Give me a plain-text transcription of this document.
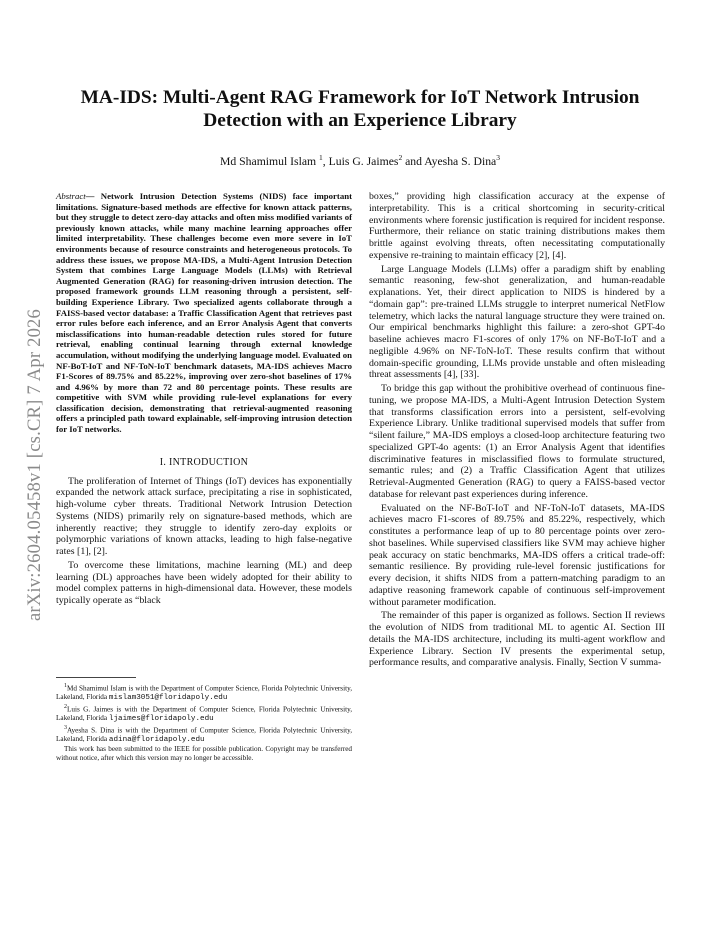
arXiv:2604.05458v1 [cs.CR] 7 Apr 2026
MA-IDS: Multi-Agent RAG Framework for IoT Network Intrusion Detection with an Experience Library
Md Shamimul Islam $^1$, Luis G. Jaimes$^2$ and Ayesha S. Dina$^3$

Abstract— Network Intrusion Detection Systems (NIDS) face important limitations. Signature-based methods are effective for known attack patterns, but they struggle to detect zero-day attacks and often miss modified variants of previously known attacks, while many machine learning approaches offer limited interpretability. These challenges become even more severe in IoT environments because of resource constraints and heterogeneous protocols. To address these issues, we propose MA-IDS, a Multi-Agent Intrusion Detection System that combines Large Language Models (LLMs) with Retrieval Augmented Generation (RAG) for reasoning-driven intrusion detection. The proposed framework grounds LLM reasoning through a persistent, self-building Experience Library. Two specialized agents collaborate through a FAISS-based vector database: a Traffic Classification Agent that retrieves past error rules before each inference, and an Error Analysis Agent that converts misclassifications into human-readable detection rules stored for future retrieval, enabling continual learning through external knowledge accumulation, without modifying the underlying language model. Evaluated on NF-BoT-IoT and NF-ToN-IoT benchmark datasets, MA-IDS achieves Macro F1-Scores of 89.75% and 85.22%, improving over zero-shot baselines of 17% and 4.96% by more than 72 and 80 percentage points. These results are competitive with SVM while providing rule-level explanations for every classification decision, demonstrating that retrieval-augmented reasoning offers a principled path toward explainable, self-improving intrusion detection for IoT networks.

I. INTRODUCTION

The proliferation of Internet of Things (IoT) devices has exponentially expanded the network attack surface, precipitating a rise in sophisticated, high-volume cyber threats. Traditional Network Intrusion Detection Systems (NIDS) primarily rely on signature-based methods, which are inherently reactive; they struggle to identify zero-day exploits or polymorphic variations of known attacks, leading to high false-negative rates [1], [2].

To overcome these limitations, machine learning (ML) and deep learning (DL) approaches have been widely adopted for their ability to model complex patterns in high-dimensional data. However, these models typically operate as “black

$^1$Md Shamimul Islam is with the Department of Computer Science, Florida Polytechnic University, Lakeland, Florida mislam3051@floridapoly.edu

$^2$Luis G. Jaimes is with the Department of Computer Science, Florida Polytechnic University, Lakeland, Florida ljaimes@floridapoly.edu

$^3$Ayesha S. Dina is with the Department of Computer Science, Florida Polytechnic University, Lakeland, Florida adina@floridapoly.edu

This work has been submitted to the IEEE for possible publication. Copyright may be transferred without notice, after which this version may no longer be accessible.

boxes,” providing high classification accuracy at the expense of interpretability. This is a critical shortcoming in security-critical environments where forensic justification is required for incident response. Furthermore, their reliance on static training distributions makes them brittle against evolving threats, often necessitating computationally expensive re-training to maintain efficacy [2], [4].

Large Language Models (LLMs) offer a paradigm shift by enabling semantic reasoning, few-shot generalization, and human-readable explanations. Yet, their direct application to NIDS is hindered by a “domain gap”: pre-trained LLMs struggle to interpret numerical NetFlow telemetry, which lacks the natural language structure they were trained on. Our empirical benchmarks highlight this failure: a zero-shot GPT-4o baseline achieves macro F1-scores of only 17% on NF-BoT-IoT and a negligible 4.96% on NF-ToN-IoT. These results confirm that without domain-specific grounding, LLMs provide unstable and often misleading threat assessments [4], [33].

To bridge this gap without the prohibitive overhead of continuous fine-tuning, we propose MA-IDS, a Multi-Agent Intrusion Detection System that transforms classification errors into a persistent, self-evolving Experience Library. Unlike traditional supervised models that suffer from “silent failure,” MA-IDS employs a closed-loop architecture featuring two specialized GPT-4o agents: (1) an Error Analysis Agent that identifies discriminative features in misclassified flows to formulate structured, semantic rules; and (2) a Traffic Classification Agent that utilizes Retrieval-Augmented Generation (RAG) to query a FAISS-based vector database for relevant past experiences during inference.

Evaluated on the NF-BoT-IoT and NF-ToN-IoT datasets, MA-IDS achieves macro F1-scores of 89.75% and 85.22%, respectively, which constitutes a performance leap of up to 80 percentage points over zero-shot baselines. While supervised classifiers like SVM may achieve higher peak accuracy on static benchmarks, MA-IDS offers a critical trade-off: semantic resilience. By providing rule-level forensic justifications for every decision, it shifts NIDS from a pattern-matching paradigm to an adaptive reasoning framework capable of continuous self-improvement without parameter modification.

The remainder of this paper is organized as follows. Section II reviews the evolution of NIDS from traditional ML to agentic AI. Section III details the MA-IDS architecture, including its multi-agent workflow and Experience Library. Section IV presents the experimental setup, performance results, and comparative analysis. Finally, Section V summa-
